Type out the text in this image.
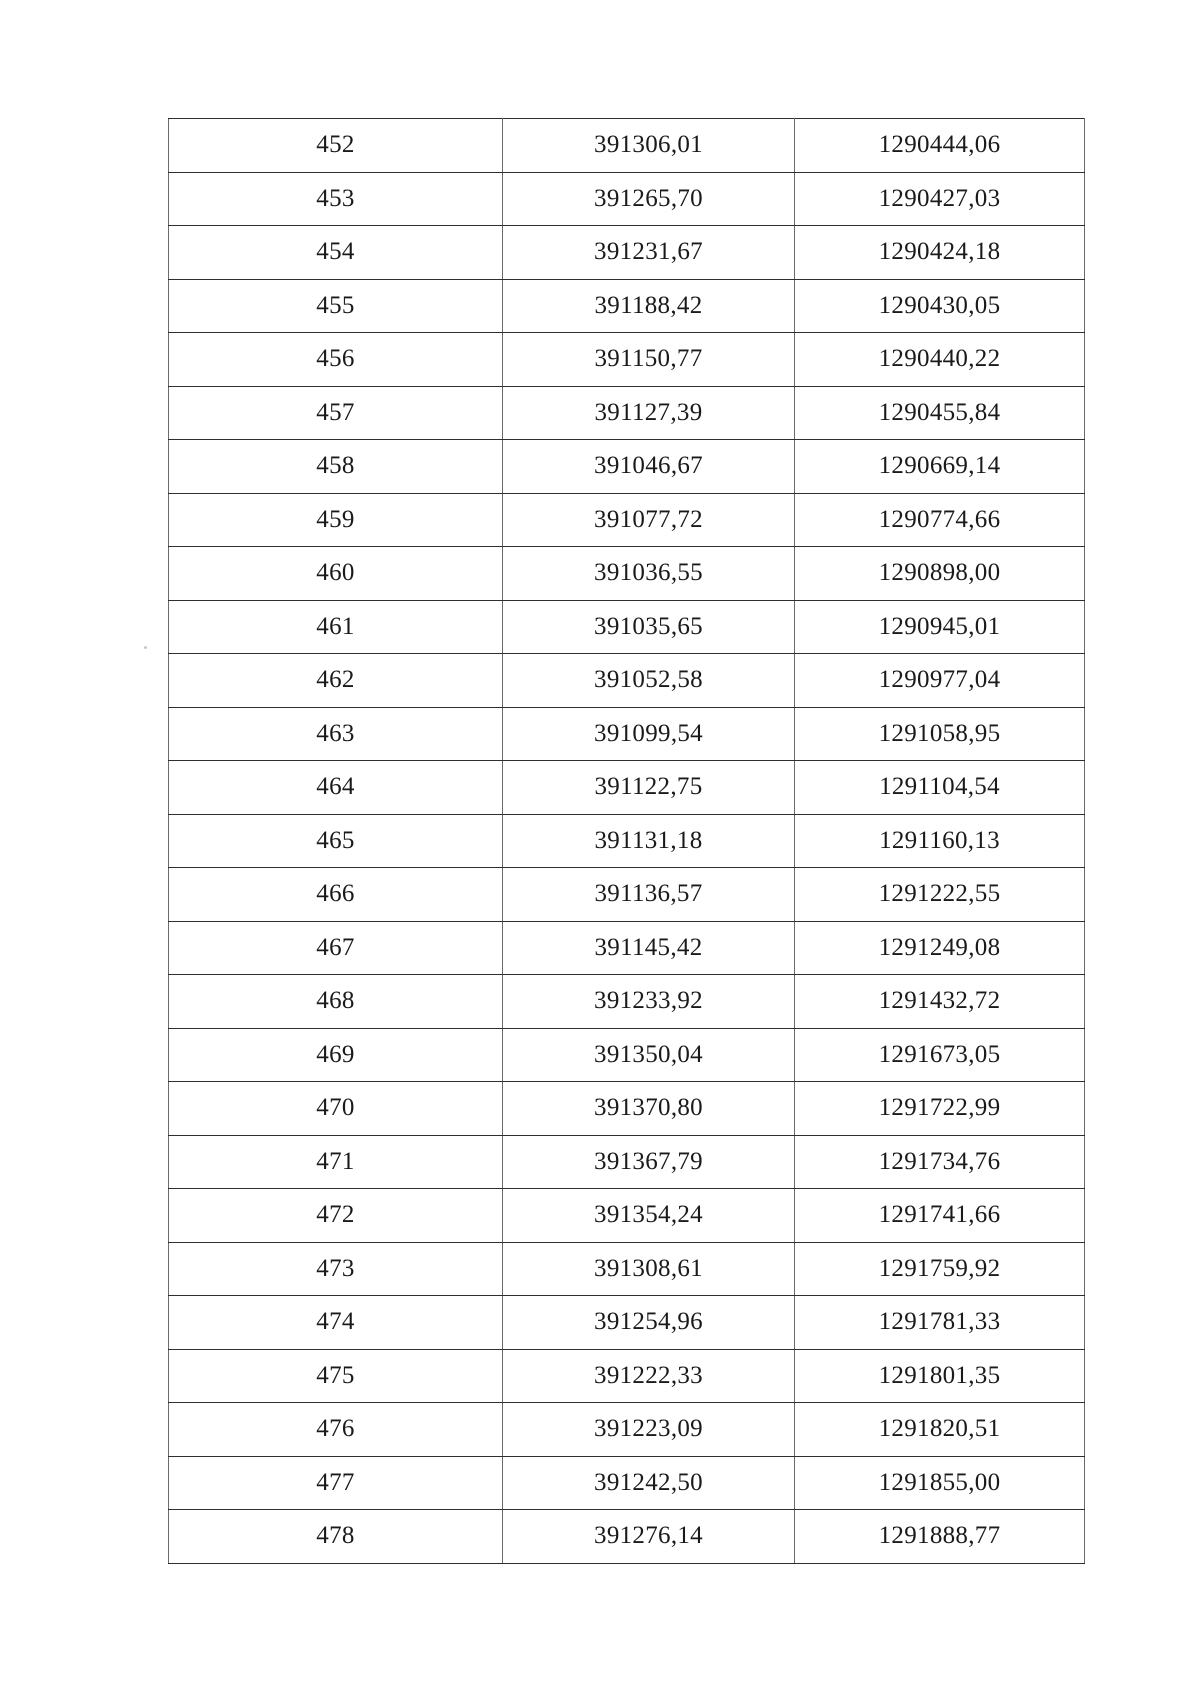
452	391306,01	1290444,06
453	391265,70	1290427,03
454	391231,67	1290424,18
455	391188,42	1290430,05
456	391150,77	1290440,22
457	391127,39	1290455,84
458	391046,67	1290669,14
459	391077,72	1290774,66
460	391036,55	1290898,00
461	391035,65	1290945,01
462	391052,58	1290977,04
463	391099,54	1291058,95
464	391122,75	1291104,54
465	391131,18	1291160,13
466	391136,57	1291222,55
467	391145,42	1291249,08
468	391233,92	1291432,72
469	391350,04	1291673,05
470	391370,80	1291722,99
471	391367,79	1291734,76
472	391354,24	1291741,66
473	391308,61	1291759,92
474	391254,96	1291781,33
475	391222,33	1291801,35
476	391223,09	1291820,51
477	391242,50	1291855,00
478	391276,14	1291888,77
